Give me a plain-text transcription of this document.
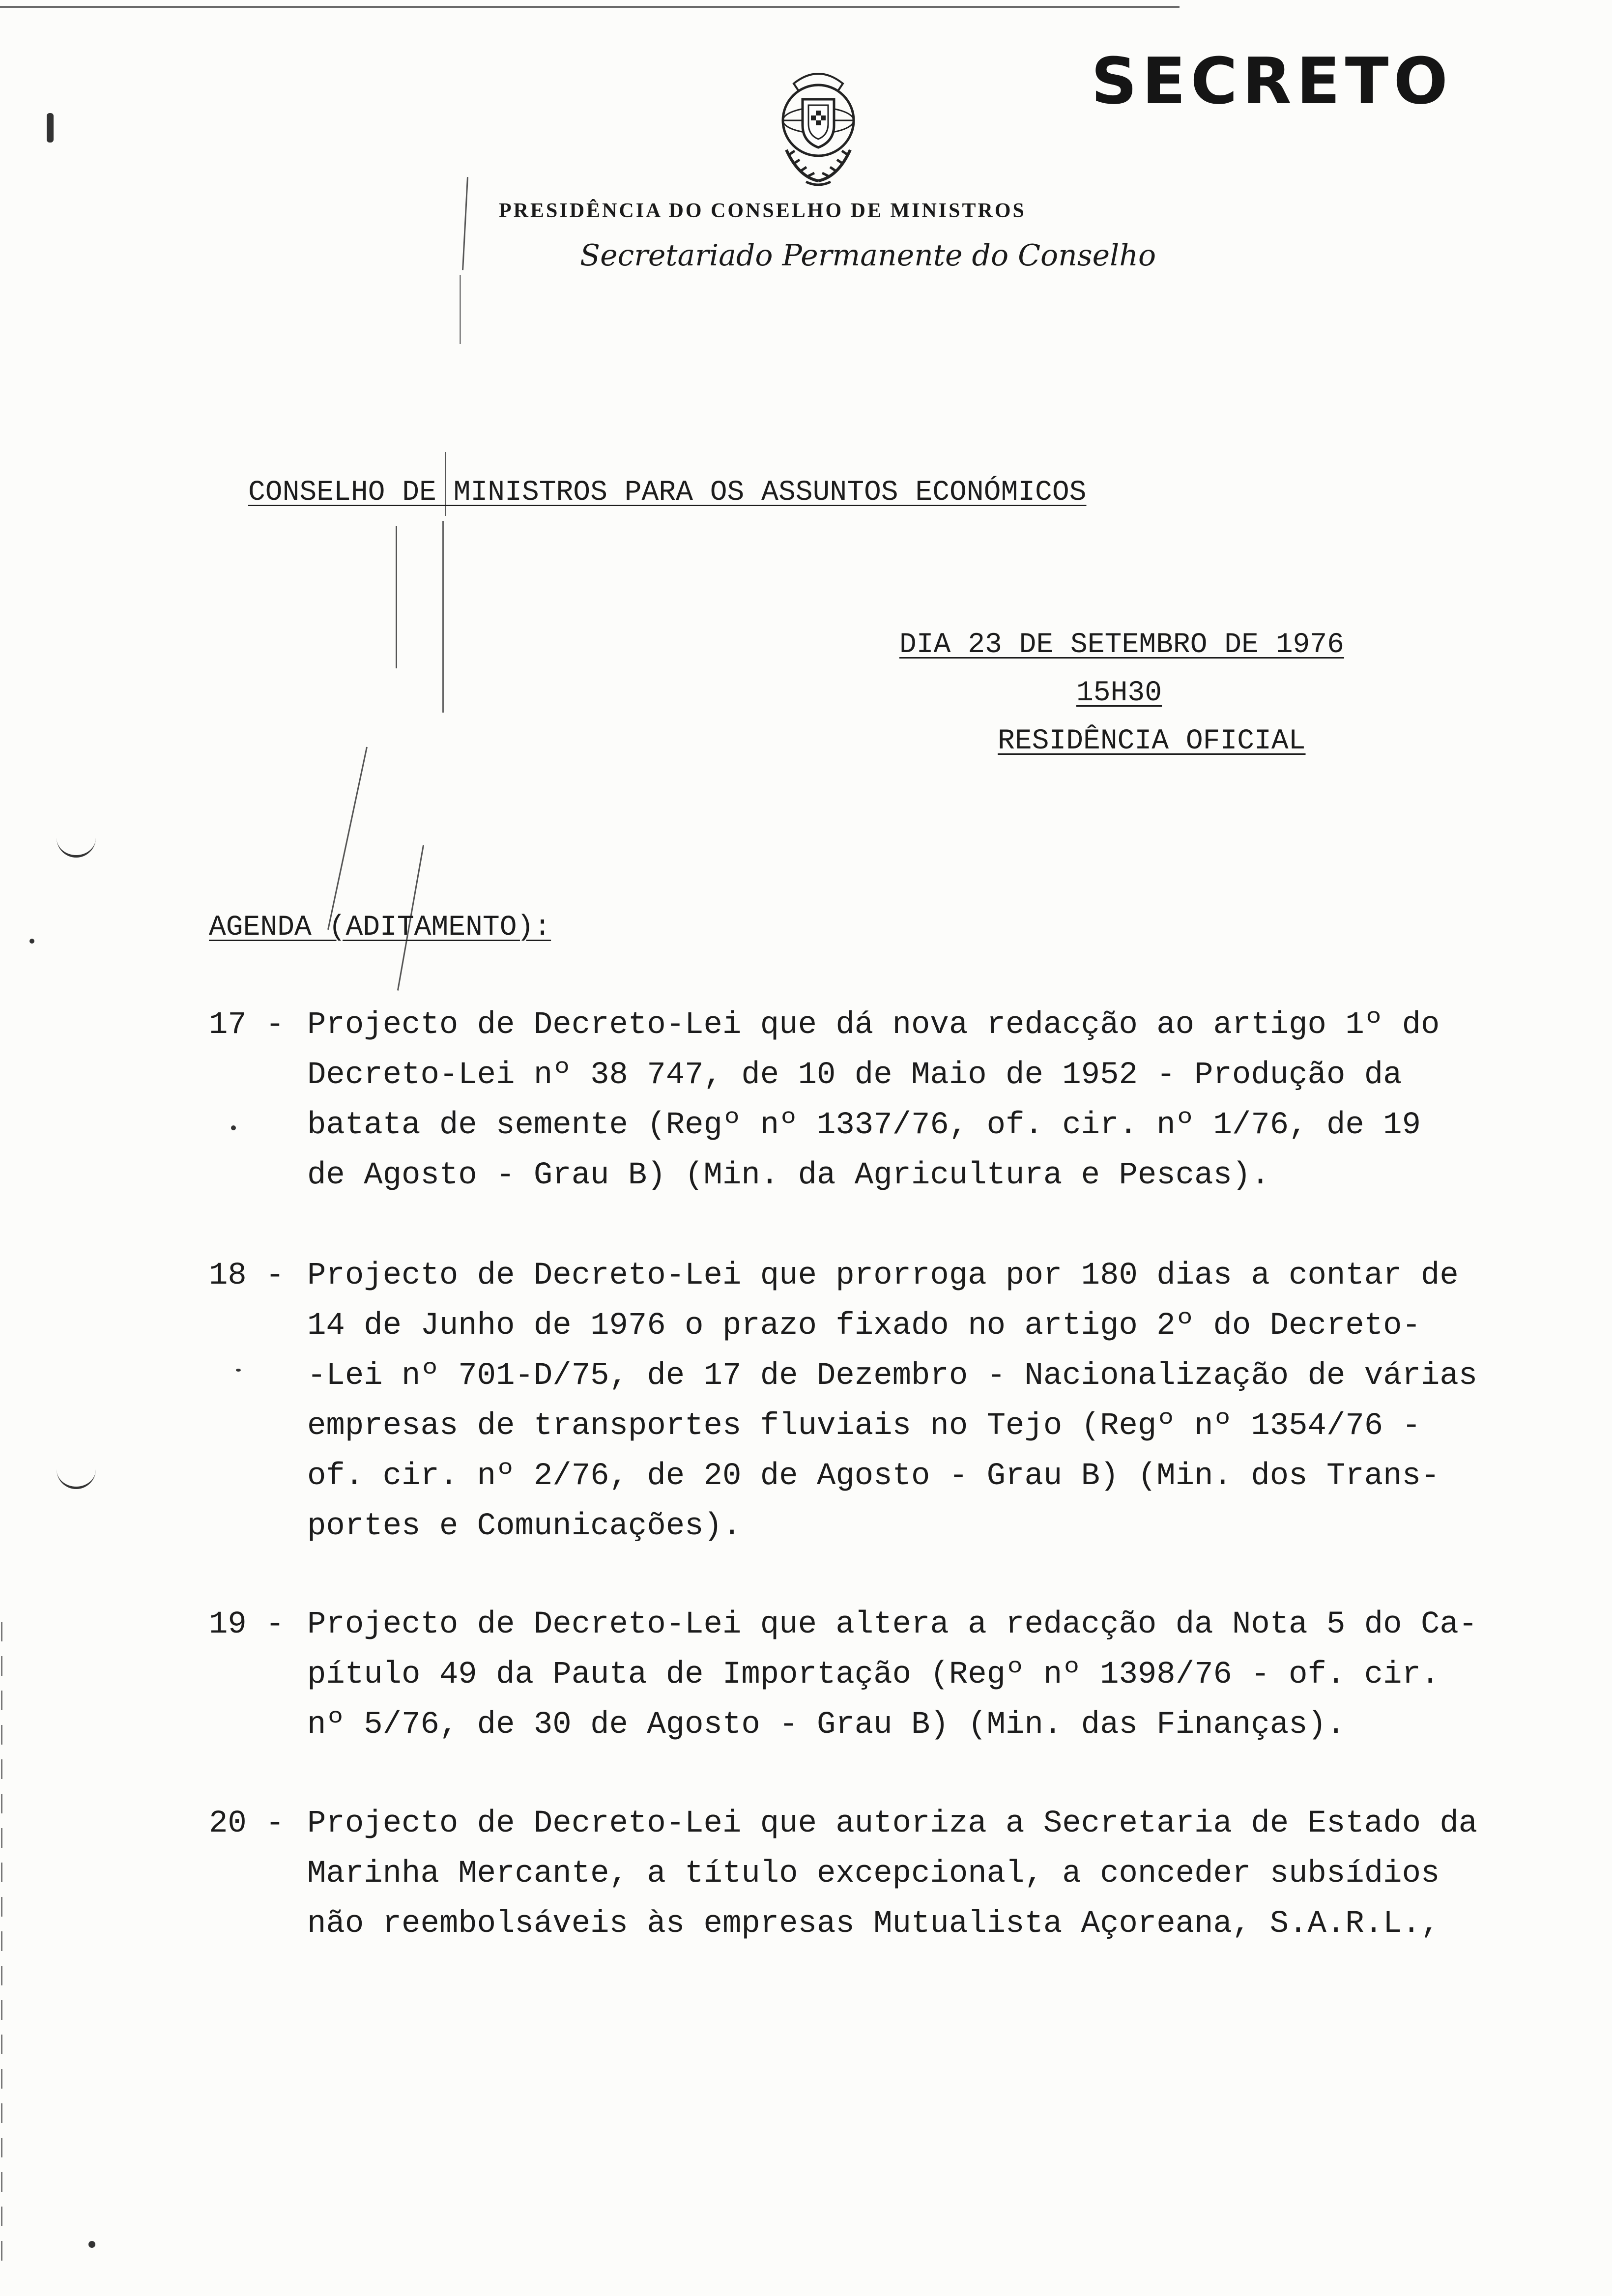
SECRETO
PRESIDÊNCIA DO CONSELHO DE MINISTROS
Secretariado Permanente do Conselho
CONSELHO DE MINISTROS PARA OS ASSUNTOS ECONÓMICOS
DIA 23 DE SETEMBRO DE 1976
15H30
RESIDÊNCIA OFICIAL
AGENDA (ADITAMENTO):
17 - Projecto de Decreto-Lei que dá nova redacção ao artigo 1º do
Decreto-Lei nº 38 747, de 10 de Maio de 1952 - Produção da
batata de semente (Regº nº 1337/76, of. cir. nº 1/76, de 19
de Agosto - Grau B) (Min. da Agricultura e Pescas).
18 - Projecto de Decreto-Lei que prorroga por 180 dias a contar de
14 de Junho de 1976 o prazo fixado no artigo 2º do Decreto-
-Lei nº 701-D/75, de 17 de Dezembro - Nacionalização de várias
empresas de transportes fluviais no Tejo (Regº nº 1354/76 -
of. cir. nº 2/76, de 20 de Agosto - Grau B) (Min. dos Trans-
portes e Comunicações).
19 - Projecto de Decreto-Lei que altera a redacção da Nota 5 do Ca-
pítulo 49 da Pauta de Importação (Regº nº 1398/76 - of. cir.
nº 5/76, de 30 de Agosto - Grau B) (Min. das Finanças).
20 - Projecto de Decreto-Lei que autoriza a Secretaria de Estado da
Marinha Mercante, a título excepcional, a conceder subsídios
não reembolsáveis às empresas Mutualista Açoreana, S.A.R.L.,
